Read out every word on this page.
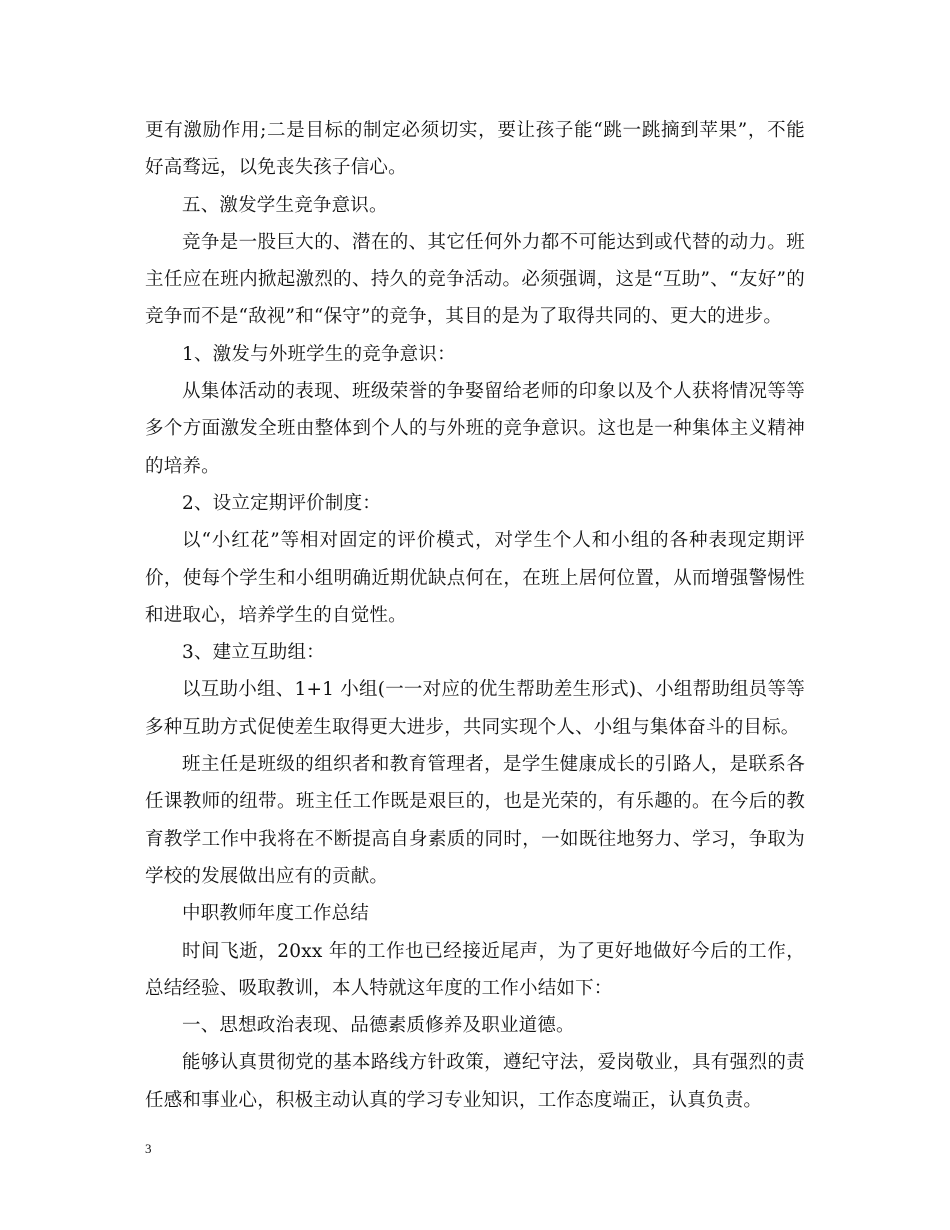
更有激励作用;二是目标的制定必须切实，要让孩子能“跳一跳摘到苹果”，不能好高骛远，以免丧失孩子信心。

五、激发学生竞争意识。

竞争是一股巨大的、潜在的、其它任何外力都不可能达到或代替的动力。班主任应在班内掀起激烈的、持久的竞争活动。必须强调，这是“互助”、“友好”的竞争而不是“敌视”和“保守”的竞争，其目的是为了取得共同的、更大的进步。

1、激发与外班学生的竞争意识：

从集体活动的表现、班级荣誉的争娶留给老师的印象以及个人获将情况等等多个方面激发全班由整体到个人的与外班的竞争意识。这也是一种集体主义精神的培养。

2、设立定期评价制度：

以“小红花”等相对固定的评价模式，对学生个人和小组的各种表现定期评价，使每个学生和小组明确近期优缺点何在，在班上居何位置，从而增强警惕性和进取心，培养学生的自觉性。

3、建立互助组：

以互助小组、1+1 小组(一一对应的优生帮助差生形式)、小组帮助组员等等多种互助方式促使差生取得更大进步，共同实现个人、小组与集体奋斗的目标。

班主任是班级的组织者和教育管理者，是学生健康成长的引路人，是联系各任课教师的纽带。班主任工作既是艰巨的，也是光荣的，有乐趣的。在今后的教育教学工作中我将在不断提高自身素质的同时，一如既往地努力、学习，争取为学校的发展做出应有的贡献。

中职教师年度工作总结

时间飞逝，20xx 年的工作也已经接近尾声，为了更好地做好今后的工作，总结经验、吸取教训，本人特就这年度的工作小结如下：

一、思想政治表现、品德素质修养及职业道德。

能够认真贯彻党的基本路线方针政策，遵纪守法，爱岗敬业，具有强烈的责任感和事业心，积极主动认真的学习专业知识，工作态度端正，认真负责。

3
